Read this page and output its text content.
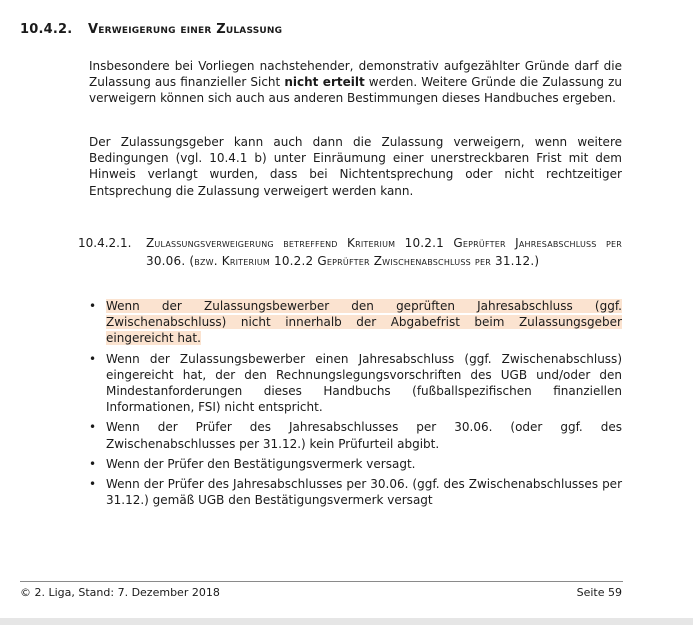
10.4.2. Verweigerung einer Zulassung

Insbesondere bei Vorliegen nachstehender, demonstrativ aufgezählter Gründe darf die Zulassung aus finanzieller Sicht nicht erteilt werden. Weitere Gründe die Zulassung zu verweigern können sich auch aus anderen Bestimmungen dieses Handbuches ergeben.

Der Zulassungsgeber kann auch dann die Zulassung verweigern, wenn weitere Bedingungen (vgl. 10.4.1 b) unter Einräumung einer unerstreckbaren Frist mit dem Hinweis verlangt wurden, dass bei Nichtentsprechung oder nicht rechtzeitiger Entsprechung die Zulassung verweigert werden kann.

10.4.2.1. Zulassungsverweigerung betreffend Kriterium 10.2.1 Geprüfter Jahresabschluss per 30.06. (bzw. Kriterium 10.2.2 Geprüfter Zwischenabschluss per 31.12.)
• Wenn der Zulassungsbewerber den geprüften Jahresabschluss (ggf. Zwischenabschluss) nicht innerhalb der Abgabefrist beim Zulassungsgeber eingereicht hat.
• Wenn der Zulassungsbewerber einen Jahresabschluss (ggf. Zwischenabschluss) eingereicht hat, der den Rechnungslegungsvorschriften des UGB und/oder den Mindestanforderungen dieses Handbuchs (fußballspezifischen finanziellen Informationen, FSI) nicht entspricht.
• Wenn der Prüfer des Jahresabschlusses per 30.06. (oder ggf. des Zwischenabschlusses per 31.12.) kein Prüfurteil abgibt.
• Wenn der Prüfer den Bestätigungsvermerk versagt.
• Wenn der Prüfer des Jahresabschlusses per 30.06. (ggf. des Zwischenabschlusses per 31.12.) gemäß UGB den Bestätigungsvermerk versagt
© 2. Liga, Stand: 7. Dezember 2018	Seite 59
